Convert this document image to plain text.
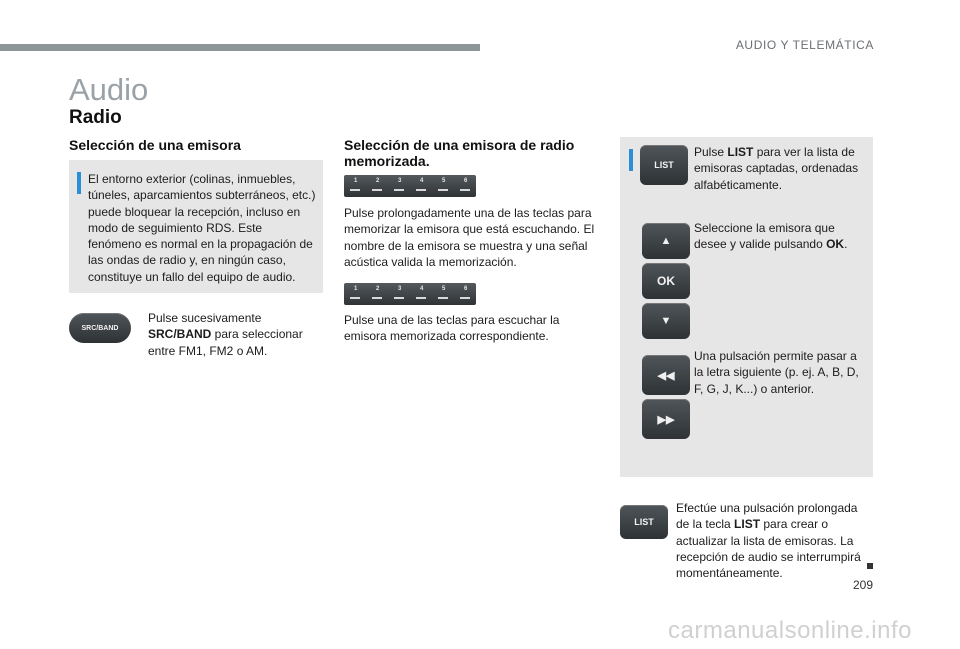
AUDIO Y TELEMÁTICA
Audio
Radio
Selección de una emisora
El entorno exterior (colinas, inmuebles, túneles, aparcamientos subterráneos, etc.) puede bloquear la recepción, incluso en modo de seguimiento RDS. Este fenómeno es normal en la propagación de las ondas de radio y, en ningún caso, constituye un fallo del equipo de audio.
SRC/BAND
Pulse sucesivamente SRC/BAND para seleccionar entre FM1, FM2 o AM.
Selección de una emisora de radio memorizada.
1	2	3	4	5	6
Pulse prolongadamente una de las teclas para memorizar la emisora que está escuchando. El nombre de la emisora se muestra y una señal acústica valida la memorización.
1	2	3	4	5	6
Pulse una de las teclas para escuchar la emisora memorizada correspondiente.
LIST
Pulse LIST para ver la lista de emisoras captadas, ordenadas alfabéticamente.
▲
OK
▼
Seleccione la emisora que desee y valide pulsando OK.
◀◀
▶▶
Una pulsación permite pasar a la letra siguiente (p. ej. A, B, D, F, G, J, K...) o anterior.
LIST
Efectúe una pulsación prolongada de la tecla LIST para crear o actualizar la lista de emisoras. La recepción de audio se interrumpirá momentáneamente.
209
carmanualsonline.info
